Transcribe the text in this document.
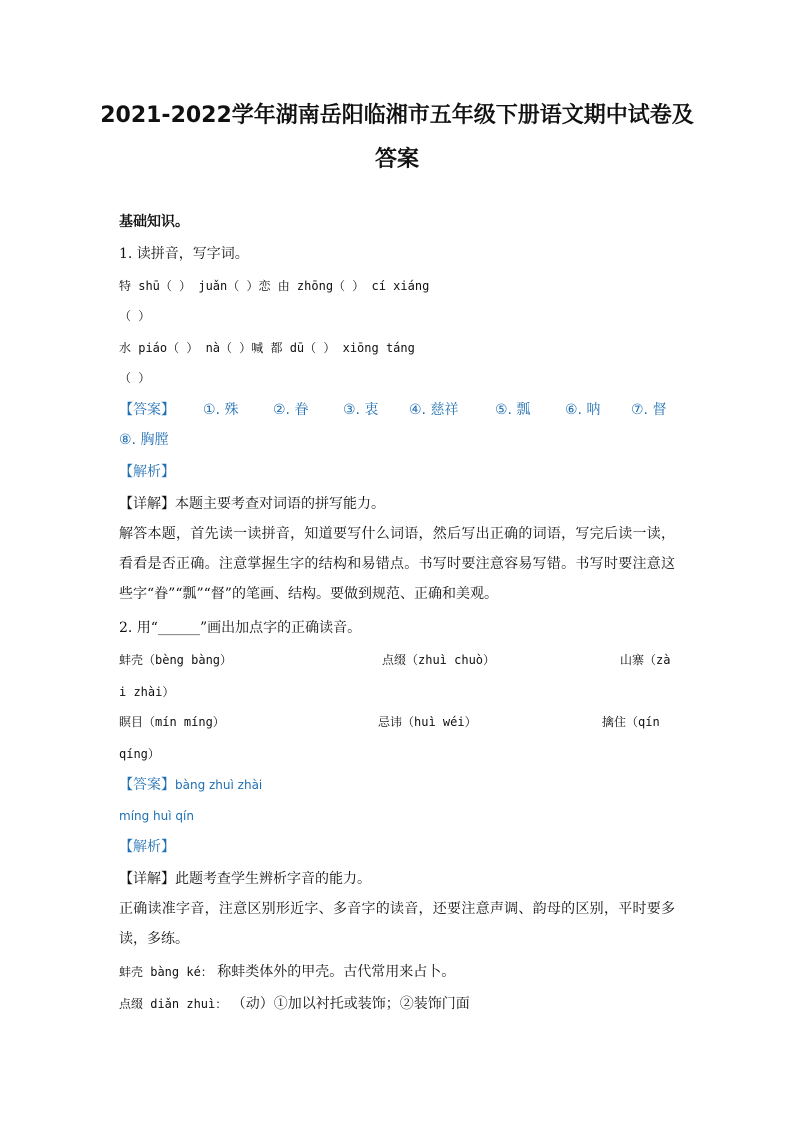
2021-2022学年湖南岳阳临湘市五年级下册语文期中试卷及
答案
基础知识。
1. 读拼音，写字词。
特 shū（ ） juǎn（ ）恋 由 zhōng（ ） cí xiáng
（ ）
水 piáo（ ） nà（ ）喊 都 dū（ ） xiōng táng
（ ）
【答案】 ①. 殊 ②. 眷 ③. 衷 ④. 慈祥	⑤. 瓢 ⑥. 呐 ⑦. 督
⑧. 胸膛
【解析】
【详解】本题主要考查对词语的拼写能力。
解答本题，首先读一读拼音，知道要写什么词语，然后写出正确的词语，写完后读一读，看看是否正确。注意掌握生字的结构和易错点。书写时要注意容易写错。书写时要注意这些字“眷”“瓢”“督”的笔画、结构。要做到规范、正确和美观。
2. 用“______”画出加点字的正确读音。
蚌壳（bèng bàng）	点缀（zhuì chuò）	山寨（zà
i zhài）
瞑目（mín míng）	忌讳（huì wéi）	擒住（qín
qíng）
【答案】bàng zhuì zhài
míng huì qín
【解析】
【详解】此题考查学生辨析字音的能力。
正确读准字音，注意区别形近字、多音字的读音，还要注意声调、韵母的区别，平时要多读，多练。
蚌壳 bàng ké： 称蚌类体外的甲壳。古代常用来占卜。
点缀 diǎn zhuì： （动）①加以衬托或装饰；②装饰门面
